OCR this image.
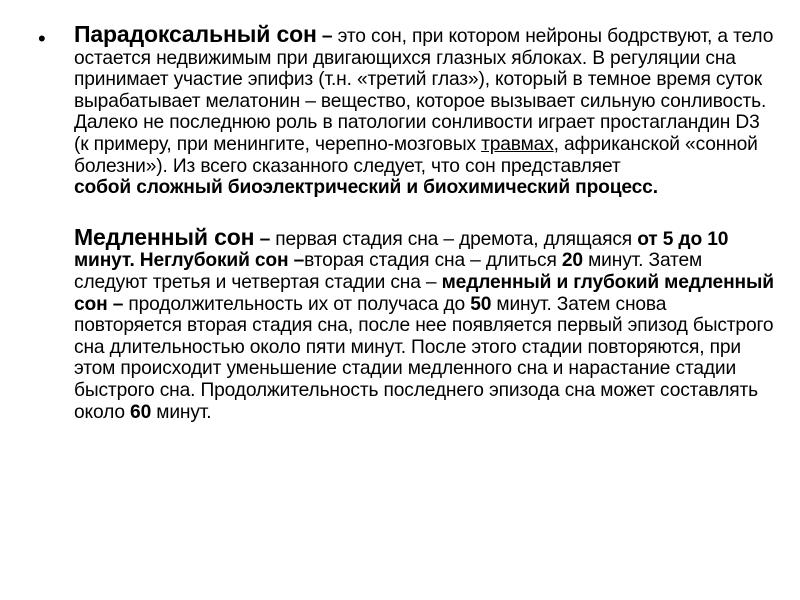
• Парадоксальный сон – это сон, при котором нейроны бодрствуют, а тело остается недвижимым при двигающихся глазных яблоках. В регуляции сна принимает участие эпифиз (т.н. «третий глаз»), который в темное время суток вырабатывает мелатонин – вещество, которое вызывает сильную сонливость. Далеко не последнюю роль в патологии сонливости играет простагландин D3 (к примеру, при менингите, черепно-мозговых травмах, африканской «сонной болезни»). Из всего сказанного следует, что сон представляет
собой сложный биоэлектрический и биохимический процесс.

Медленный сон – первая стадия сна – дремота, длящаяся от 5 до 10 минут. Неглубокий сон –вторая стадия сна – длиться 20 минут. Затем следуют третья и четвертая стадии сна – медленный и глубокий медленный сон – продолжительность их от получаса до 50 минут. Затем снова повторяется вторая стадия сна, после нее появляется первый эпизод быстрого сна длительностью около пяти минут. После этого стадии повторяются, при этом происходит уменьшение стадии медленного сна и нарастание стадии быстрого сна. Продолжительность последнего эпизода сна может составлять около 60 минут.
